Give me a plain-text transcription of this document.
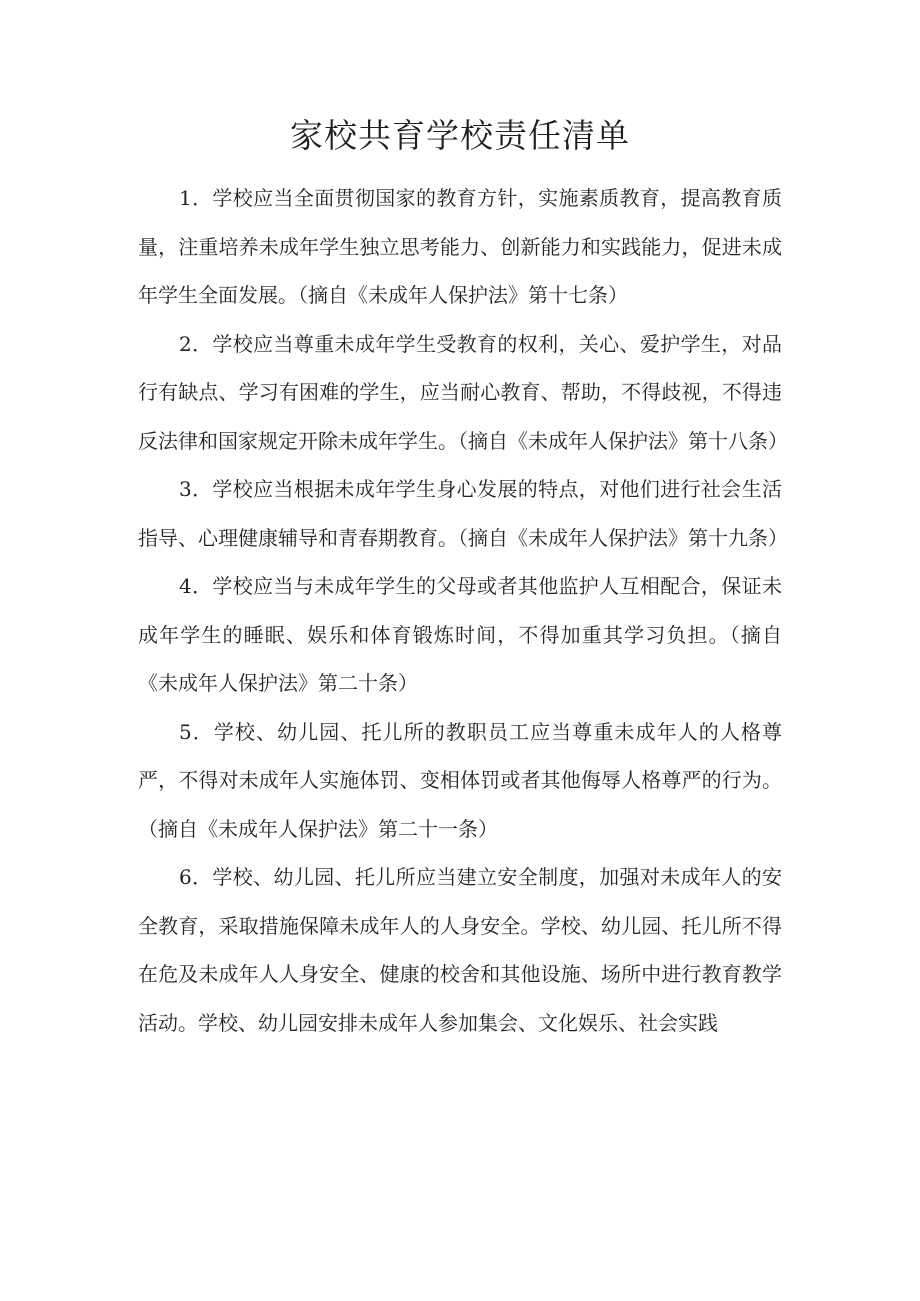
家校共育学校责任清单

1．学校应当全面贯彻国家的教育方针，实施素质教育，提高教育质量，注重培养未成年学生独立思考能力、创新能力和实践能力，促进未成年学生全面发展。（摘自《未成年人保护法》第十七条）

2．学校应当尊重未成年学生受教育的权利，关心、爱护学生，对品行有缺点、学习有困难的学生，应当耐心教育、帮助，不得歧视，不得违反法律和国家规定开除未成年学生。（摘自《未成年人保护法》第十八条）

3．学校应当根据未成年学生身心发展的特点，对他们进行社会生活指导、心理健康辅导和青春期教育。（摘自《未成年人保护法》第十九条）

4．学校应当与未成年学生的父母或者其他监护人互相配合，保证未成年学生的睡眠、娱乐和体育锻炼时间，不得加重其学习负担。（摘自《未成年人保护法》第二十条）

5．学校、幼儿园、托儿所的教职员工应当尊重未成年人的人格尊严，不得对未成年人实施体罚、变相体罚或者其他侮辱人格尊严的行为。（摘自《未成年人保护法》第二十一条）

6．学校、幼儿园、托儿所应当建立安全制度，加强对未成年人的安全教育，采取措施保障未成年人的人身安全。学校、幼儿园、托儿所不得在危及未成年人人身安全、健康的校舍和其他设施、场所中进行教育教学活动。学校、幼儿园安排未成年人参加集会、文化娱乐、社会实践
